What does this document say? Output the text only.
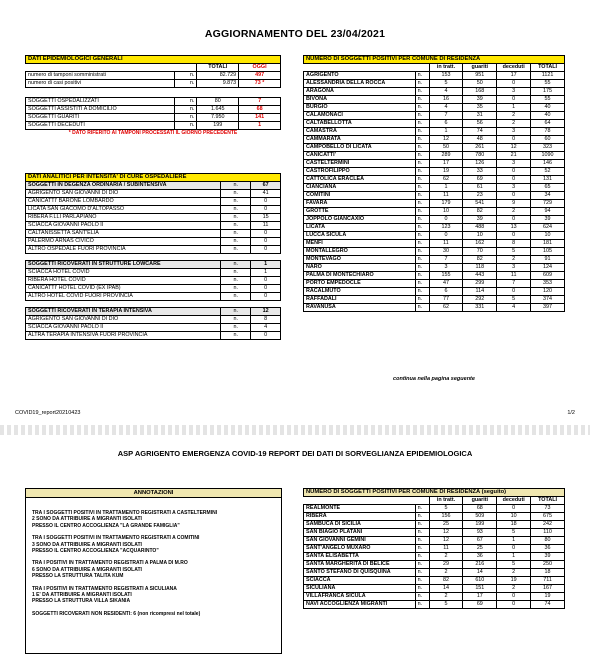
AGGIORNAMENTO DEL 23/04/2021
DATI EPIDEMIOLOGICI GENERALI			
		TOTALI	OGGI
numero di tamponi somministrati	n.	82.729	497
numero di casi positivi	n.	9.873	73 *

SOGGETTI OSPEDALIZZATI	n.	80	7
SOGGETTI ASSISTITI A DOMICILIO	n.	1.645	68
SOGGETTI GUARITI	n.	7.950	141
SOGGETTI DECEDUTI	n.	199	1
* DATO RIFERITO AI TAMPONI PROCESSATI IL GIORNO PRECEDENTE			
DATI ANALITICI PER INTENSITA' DI CURE OSPEDALIERE		
SOGGETTI IN DEGENZA ORDINARIA / SUBINTENSIVA	n.	67
AGRIGENTO SAN GIOVANNI DI DIO	n.	41
CANICATTI' BARONE LOMBARDO	n.	0
LICATA SAN GIACOMO D'ALTOPASSO	n.	0
RIBERA F.LLI PARLAPIANO	n.	15
SCIACCA GIOVANNI PAOLO II	n.	11
CALTANISSETTA SANT'ELIA	n.	0
PALERMO ARNAS CIVICO	n.	0
ALTRO OSPEDALE FUORI PROVINCIA	n.	0

SOGGETTI RICOVERATI IN STRUTTURE LOWCARE	n.	1
SCIACCA HOTEL COVID	n.	1
RIBERA HOTEL COVID	n.	0
CANICATTI' HOTEL COVID (EX IPAB)	n.	0
ALTRO HOTEL COVID FUORI PROVINCIA	n.	0

SOGGETTI RICOVERATI IN TERAPIA INTENSIVA	n.	12
AGRIGENTO SAN GIOVANNI DI DIO	n.	8
SCIACCA GIOVANNI PAOLO II	n.	4
ALTRA TERAPIA INTENSIVA FUORI PROVINCIA	n.	0
NUMERO DI SOGGETTI POSITIVI PER COMUNE DI RESIDENZA					
		in tratt.	guariti	deceduti	TOTALI
AGRIGENTO	n.	153	951	17	1121
ALESSANDRIA DELLA ROCCA	n.	5	50	0	55
ARAGONA	n.	4	168	3	175
BIVONA	n.	16	39	0	55
BURGIO	n.	4	35	1	40
CALAMONACI	n.	7	31	2	40
CALTABELLOTTA	n.	6	56	2	64
CAMASTRA	n.	1	74	3	78
CAMMARATA	n.	12	48	0	60
CAMPOBELLO DI LICATA	n.	50	261	12	323
CANICATTI'	n.	289	780	21	1090
CASTELTERMINI	n.	17	126	3	146
CASTROFILIPPO	n.	19	33	0	52
CATTOLICA ERACLEA	n.	62	69	0	131
CIANCIANA	n.	1	61	3	65
COMITINI	n.	11	23	0	34
FAVARA	n.	179	541	9	729
GROTTE	n.	10	82	2	94
JOPPOLO GIANCAXIO	n.	0	39	0	39
LICATA	n.	123	488	13	624
LUCCA SICULA	n.	0	10	0	10
MENFI	n.	11	162	8	181
MONTALLEGRO	n.	30	70	5	105
MONTEVAGO	n.	7	82	2	91
NARO	n.	3	118	3	124
PALMA DI MONTECHIARO	n.	155	443	11	609
PORTO EMPEDOCLE	n.	47	299	7	353
RACALMUTO	n.	6	114	0	120
RAFFADALI	n.	77	292	5	374
RAVANUSA	n.	62	331	4	397
continua nella pagina seguente
COVID19_report20210423	1/2
ASP AGRIGENTO EMERGENZA COVID-19 REPORT DEI DATI DI SORVEGLIANZA EPIDEMIOLOGICA
ANNOTAZIONI

TRA I SOGGETTI POSITIVI IN TRATTAMENTO REGISTRATI A CASTELTERMINI

2 SONO DA ATTRIBUIRE A MIGRANTI ISOLATI

PRESSO IL CENTRO ACCOGLIENZA "LA GRANDE FAMIGLIA"

TRA I SOGGETTI POSITIVI IN TRATTAMENTO REGISTRATI A COMITINI

3 SONO DA ATTRIBUIRE A MIGRANTI ISOLATI

PRESSO IL CENTRO ACCOGLIENZA "ACQUARINTO"

TRA I POSITIVI IN TRATTAMENTO REGISTRATI A PALMA DI M.RO

6 SONO DA ATTRIBUIRE A MIGRANTI ISOLATI

PRESSO LA STRUTTURA TALITA KUM

TRA I POSITIVI IN TRATTAMENTO REGISTRATI A SICULIANA

1 E' DA ATTRIBUIRE A MIGRANTI ISOLATI

PRESSO LA STRUTTURA VILLA SIKANIA

SOGGETTI RICOVERATI NON RESIDENTI: 6 (non ricompresi nel totale)

NUMERO DI SOGGETTI POSITIVI PER COMUNE DI RESIDENZA (seguito)					
		in tratt.	guariti	deceduti	TOTALI
REALMONTE	n.	5	68	0	73
RIBERA	n.	156	509	10	675
SAMBUCA DI SICILIA	n.	25	199	18	242
SAN BIAGIO PLATANI	n.	12	93	5	110
SAN GIOVANNI GEMINI	n.	12	67	1	80
SANT'ANGELO MUXARO	n.	11	25	0	36
SANTA ELISABETTA	n.	2	36	1	39
SANTA MARGHERITA DI BELICE	n.	29	216	5	250
SANTO STEFANO DI QUISQUINA	n.	2	14	2	18
SCIACCA	n.	82	610	19	711
SICULIANA	n.	14	151	2	167
VILLAFRANCA SICULA	n.	2	17	0	19
NAVI ACCOGLIENZA MIGRANTI	n.	5	69	0	74
